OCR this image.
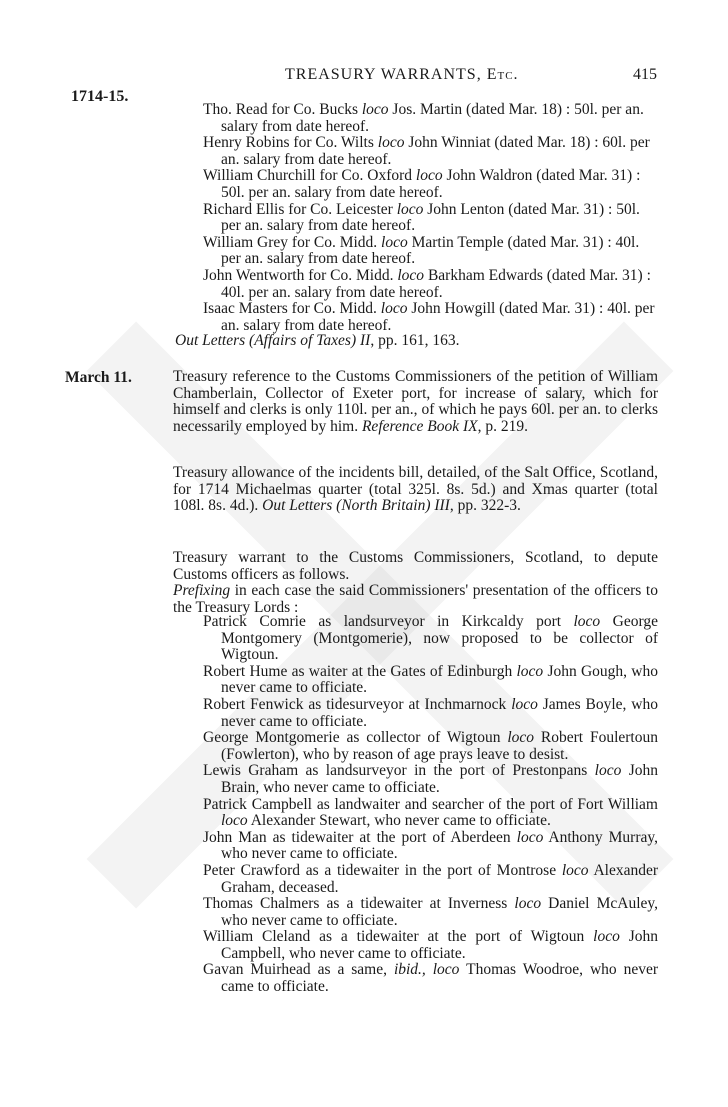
TREASURY WARRANTS, Etc.	415
1714-15.

Tho. Read for Co. Bucks loco Jos. Martin (dated Mar. 18) : 50l. per an. salary from date hereof.

Henry Robins for Co. Wilts loco John Winniat (dated Mar. 18) : 60l. per an. salary from date hereof.

William Churchill for Co. Oxford loco John Waldron (dated Mar. 31) : 50l. per an. salary from date hereof.

Richard Ellis for Co. Leicester loco John Lenton (dated Mar. 31) : 50l. per an. salary from date hereof.

William Grey for Co. Midd. loco Martin Temple (dated Mar. 31) : 40l. per an. salary from date hereof.

John Wentworth for Co. Midd. loco Barkham Edwards (dated Mar. 31) : 40l. per an. salary from date hereof.

Isaac Masters for Co. Midd. loco John Howgill (dated Mar. 31) : 40l. per an. salary from date hereof.

Out Letters (Affairs of Taxes) II, pp. 161, 163.

March 11.	Treasury reference to the Customs Commissioners of the petition of William Chamberlain, Collector of Exeter port, for increase of salary, which for himself and clerks is only 110l. per an., of which he pays 60l. per an. to clerks necessarily employed by him. Reference Book IX, p. 219.

Treasury allowance of the incidents bill, detailed, of the Salt Office, Scotland, for 1714 Michaelmas quarter (total 325l. 8s. 5d.) and Xmas quarter (total 108l. 8s. 4d.). Out Letters (North Britain) III, pp. 322-3.

Treasury warrant to the Customs Commissioners, Scotland, to depute Customs officers as follows.

Prefixing in each case the said Commissioners' presentation of the officers to the Treasury Lords :

Patrick Comrie as landsurveyor in Kirkcaldy port loco George Montgomery (Montgomerie), now proposed to be collector of Wigtoun.

Robert Hume as waiter at the Gates of Edinburgh loco John Gough, who never came to officiate.

Robert Fenwick as tidesurveyor at Inchmarnock loco James Boyle, who never came to officiate.

George Montgomerie as collector of Wigtoun loco Robert Foulertoun (Fowlerton), who by reason of age prays leave to desist.

Lewis Graham as landsurveyor in the port of Prestonpans loco John Brain, who never came to officiate.

Patrick Campbell as landwaiter and searcher of the port of Fort William loco Alexander Stewart, who never came to officiate.

John Man as tidewaiter at the port of Aberdeen loco Anthony Murray, who never came to officiate.

Peter Crawford as a tidewaiter in the port of Montrose loco Alexander Graham, deceased.

Thomas Chalmers as a tidewaiter at Inverness loco Daniel McAuley, who never came to officiate.

William Cleland as a tidewaiter at the port of Wigtoun loco John Campbell, who never came to officiate.

Gavan Muirhead as a same, ibid., loco Thomas Woodroe, who never came to officiate.
